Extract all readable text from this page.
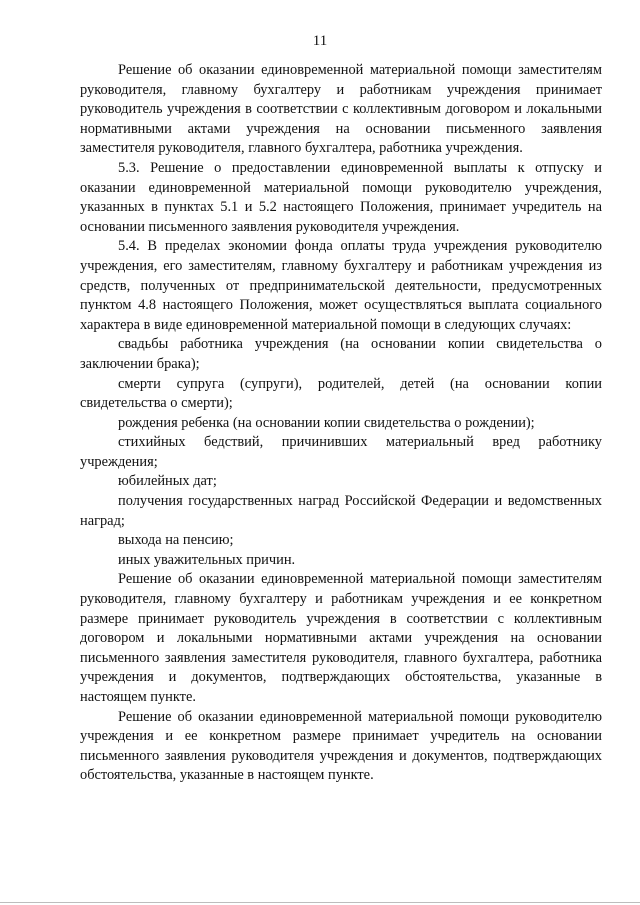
11

Решение об оказании единовременной материальной помощи заместителям руководителя, главному бухгалтеру и работникам учреждения принимает руководитель учреждения в соответствии с коллективным договором и локальными нормативными актами учреждения на основании письменного заявления заместителя руководителя, главного бухгалтера, работника учреждения.

5.3. Решение о предоставлении единовременной выплаты к отпуску и оказании единовременной материальной помощи руководителю учреждения, указанных в пунктах 5.1 и 5.2 настоящего Положения, принимает учредитель на основании письменного заявления руководителя учреждения.

5.4. В пределах экономии фонда оплаты труда учреждения руководителю учреждения, его заместителям, главному бухгалтеру и работникам учреждения из средств, полученных от предпринимательской деятельности, предусмотренных пунктом 4.8 настоящего Положения, может осуществляться выплата социального характера в виде единовременной материальной помощи в следующих случаях:

свадьбы работника учреждения (на основании копии свидетельства о заключении брака);

смерти супруга (супруги), родителей, детей (на основании копии свидетельства о смерти);

рождения ребенка (на основании копии свидетельства о рождении);

стихийных бедствий, причинивших материальный вред работнику учреждения;

юбилейных дат;

получения государственных наград Российской Федерации и ведомственных наград;

выхода на пенсию;

иных уважительных причин.

Решение об оказании единовременной материальной помощи заместителям руководителя, главному бухгалтеру и работникам учреждения и ее конкретном размере принимает руководитель учреждения в соответствии с коллективным договором и локальными нормативными актами учреждения на основании письменного заявления заместителя руководителя, главного бухгалтера, работника учреждения и документов, подтверждающих обстоятельства, указанные в настоящем пункте.

Решение об оказании единовременной материальной помощи руководителю учреждения и ее конкретном размере принимает учредитель на основании письменного заявления руководителя учреждения и документов, подтверждающих обстоятельства, указанные в настоящем пункте.
